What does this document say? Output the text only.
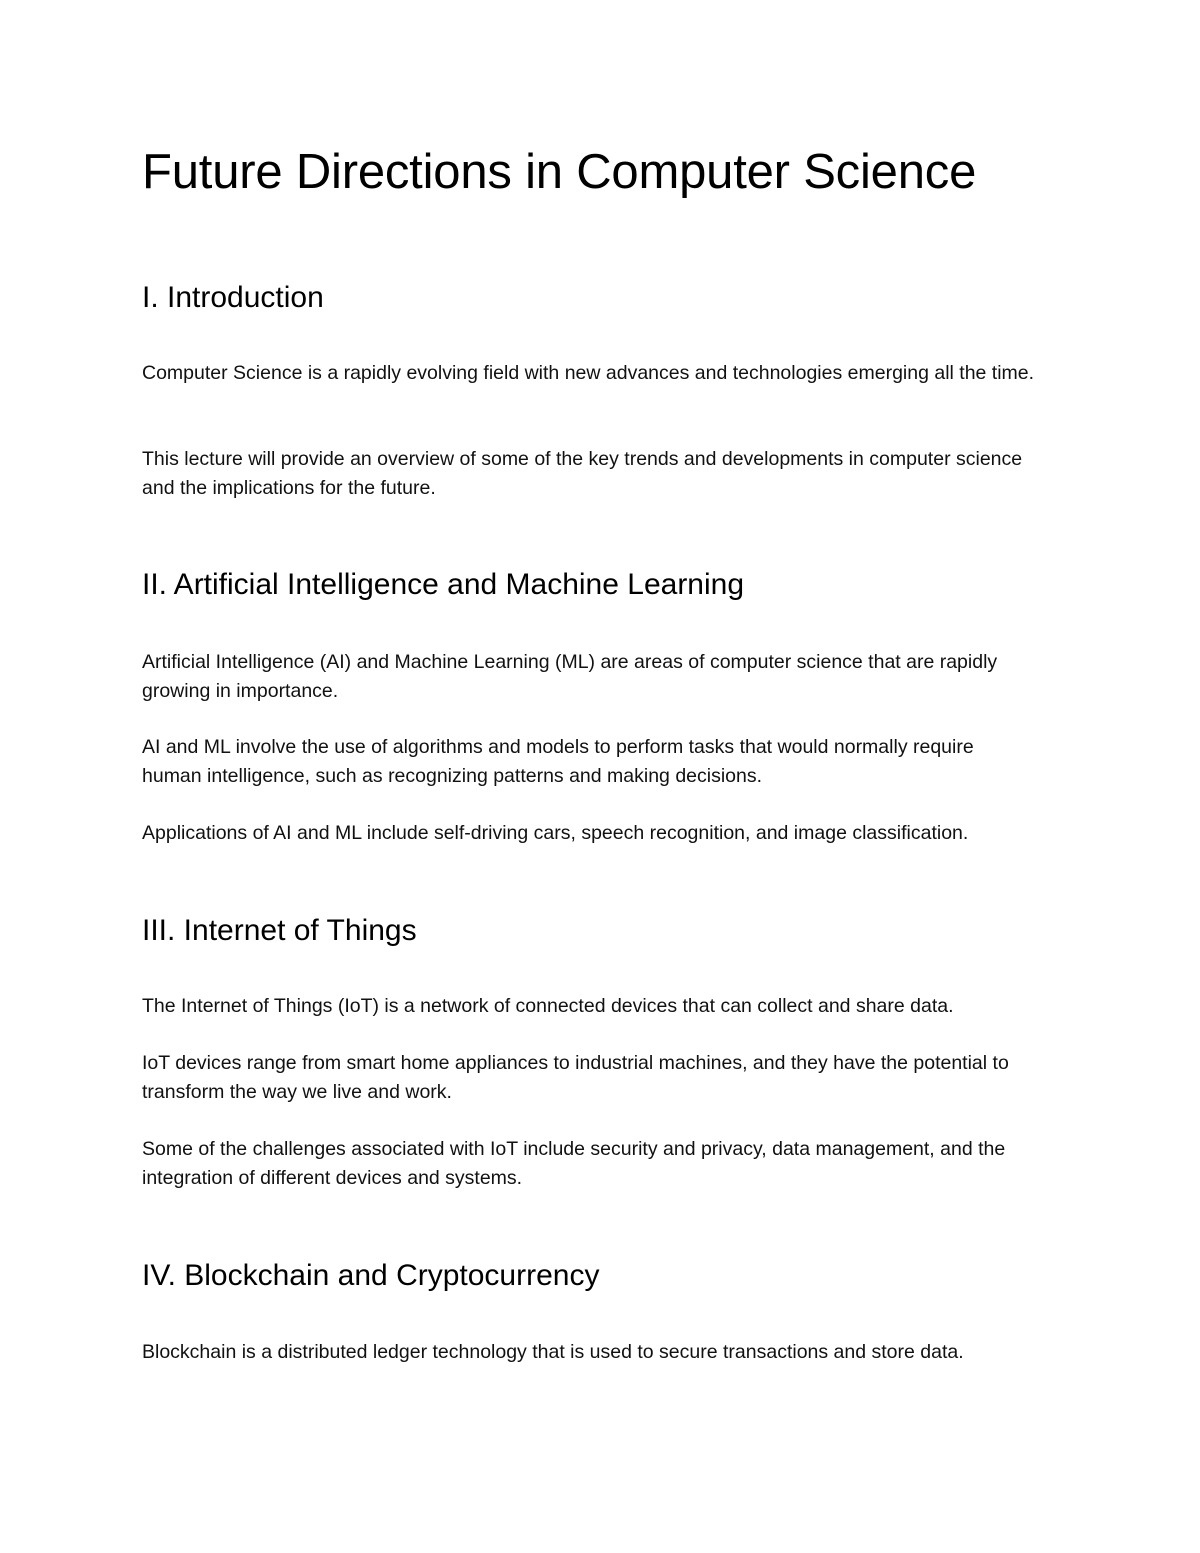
Future Directions in Computer Science
I. Introduction

Computer Science is a rapidly evolving field with new advances and technologies emerging all the time.

This lecture will provide an overview of some of the key trends and developments in computer science and the implications for the future.

II. Artificial Intelligence and Machine Learning

Artificial Intelligence (AI) and Machine Learning (ML) are areas of computer science that are rapidly growing in importance.

AI and ML involve the use of algorithms and models to perform tasks that would normally require human intelligence, such as recognizing patterns and making decisions.

Applications of AI and ML include self-driving cars, speech recognition, and image classification.

III. Internet of Things

The Internet of Things (IoT) is a network of connected devices that can collect and share data.

IoT devices range from smart home appliances to industrial machines, and they have the potential to transform the way we live and work.

Some of the challenges associated with IoT include security and privacy, data management, and the integration of different devices and systems.

IV. Blockchain and Cryptocurrency

Blockchain is a distributed ledger technology that is used to secure transactions and store data.
